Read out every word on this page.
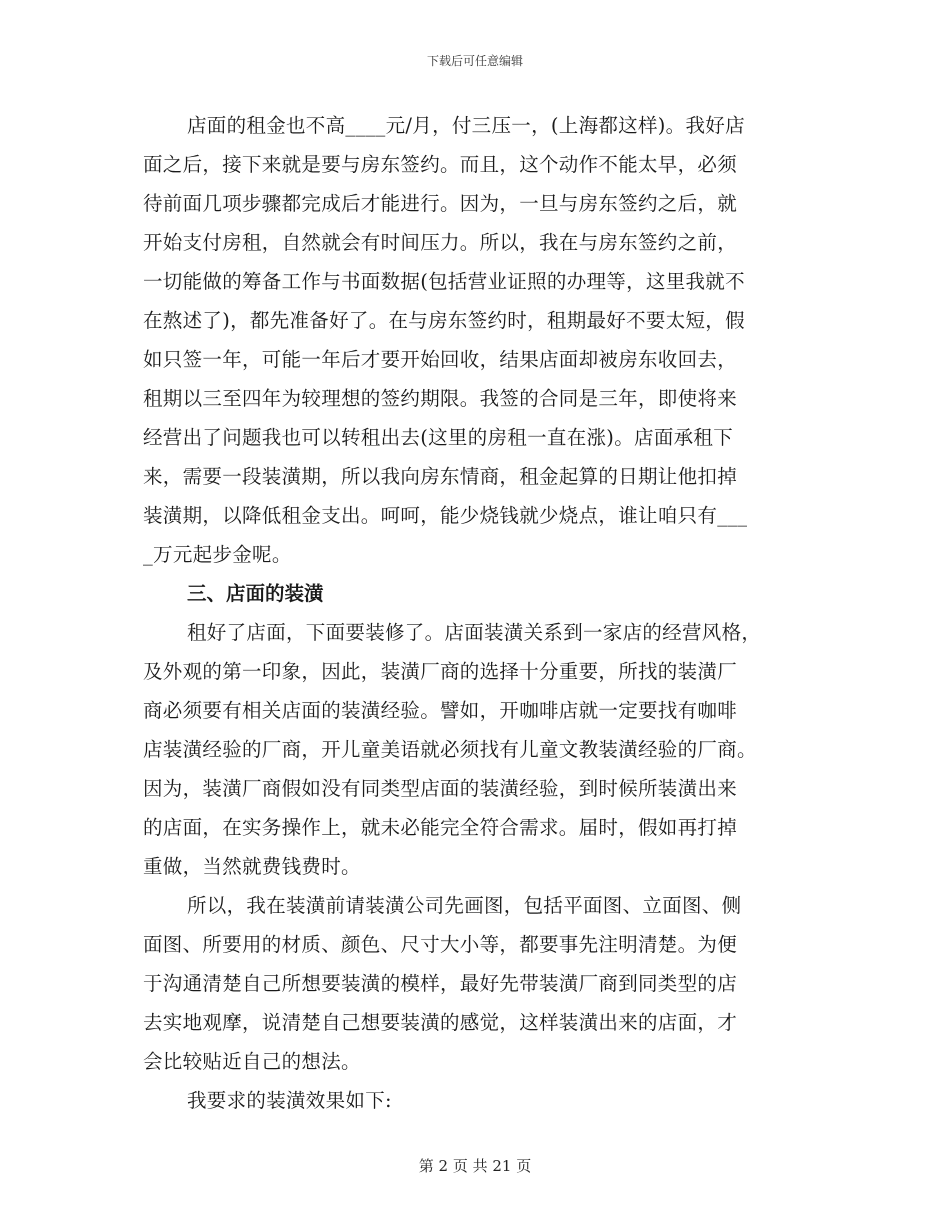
下载后可任意编辑
店面的租金也不高____元/月，付三压一，(上海都这样)。我好店
面之后，接下来就是要与房东签约。而且，这个动作不能太早，必须
待前面几项步骤都完成后才能进行。因为，一旦与房东签约之后，就
开始支付房租，自然就会有时间压力。所以，我在与房东签约之前，
一切能做的筹备工作与书面数据(包括营业证照的办理等，这里我就不
在熬述了)，都先准备好了。在与房东签约时，租期最好不要太短，假
如只签一年，可能一年后才要开始回收，结果店面却被房东收回去，
租期以三至四年为较理想的签约期限。我签的合同是三年，即使将来
经营出了问题我也可以转租出去(这里的房租一直在涨)。店面承租下
来，需要一段装潢期，所以我向房东情商，租金起算的日期让他扣掉
装潢期，以降低租金支出。呵呵，能少烧钱就少烧点，谁让咱只有___
_万元起步金呢。
三、店面的装潢
租好了店面，下面要装修了。店面装潢关系到一家店的经营风格，
及外观的第一印象，因此，装潢厂商的选择十分重要，所找的装潢厂
商必须要有相关店面的装潢经验。譬如，开咖啡店就一定要找有咖啡
店装潢经验的厂商，开儿童美语就必须找有儿童文教装潢经验的厂商。
因为，装潢厂商假如没有同类型店面的装潢经验，到时候所装潢出来
的店面，在实务操作上，就未必能完全符合需求。届时，假如再打掉
重做，当然就费钱费时。
所以，我在装潢前请装潢公司先画图，包括平面图、立面图、侧
面图、所要用的材质、颜色、尺寸大小等，都要事先注明清楚。为便
于沟通清楚自己所想要装潢的模样，最好先带装潢厂商到同类型的店
去实地观摩，说清楚自己想要装潢的感觉，这样装潢出来的店面，才
会比较贴近自己的想法。
我要求的装潢效果如下:
第 2 页 共 21 页
